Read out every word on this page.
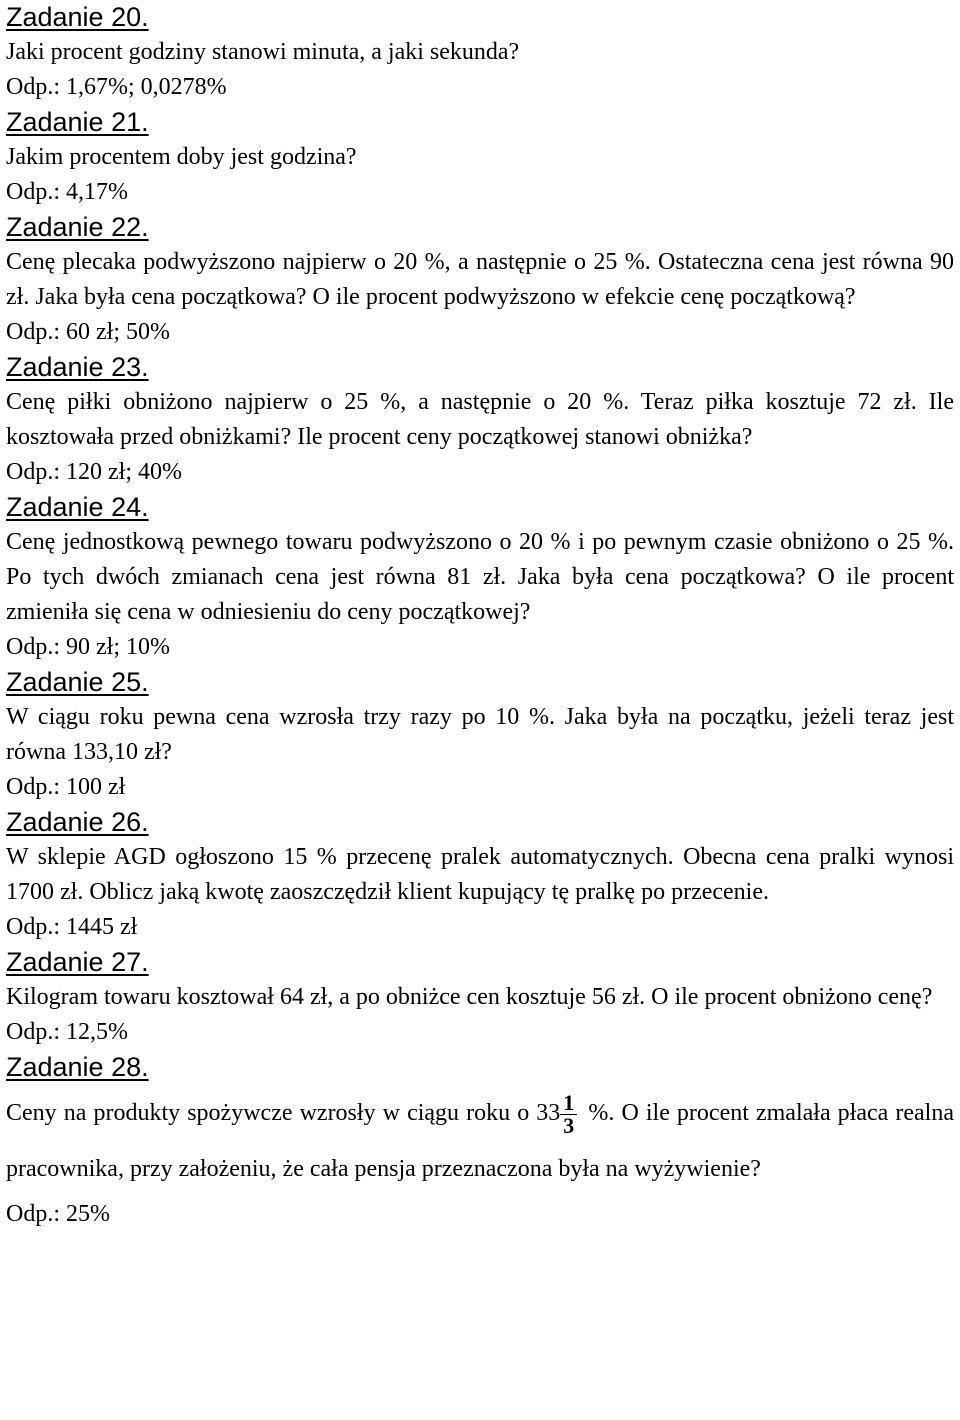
Zadanie 20.
Jaki procent godziny stanowi minuta, a jaki sekunda?
Odp.: 1,67%; 0,0278%
Zadanie 21.
Jakim procentem doby jest godzina?
Odp.: 4,17%
Zadanie 22.
Cenę plecaka podwyższono najpierw o 20 %, a następnie o 25 %. Ostateczna cena jest równa 90 zł. Jaka była cena początkowa? O ile procent podwyższono w efekcie cenę początkową?
Odp.: 60 zł; 50%
Zadanie 23.
Cenę piłki obniżono najpierw o 25 %, a następnie o 20 %. Teraz piłka kosztuje 72 zł. Ile kosztowała przed obniżkami? Ile procent ceny początkowej stanowi obniżka?
Odp.: 120 zł; 40%
Zadanie 24.
Cenę jednostkową pewnego towaru podwyższono o 20 % i po pewnym czasie obniżono o 25 %. Po tych dwóch zmianach cena jest równa 81 zł. Jaka była cena początkowa? O ile procent zmieniła się cena w odniesieniu do ceny początkowej?
Odp.: 90 zł; 10%
Zadanie 25.
W ciągu roku pewna cena wzrosła trzy razy po 10 %. Jaka była na początku, jeżeli teraz jest równa 133,10 zł?
Odp.: 100 zł
Zadanie 26.
W sklepie AGD ogłoszono 15 % przecenę pralek automatycznych. Obecna cena pralki wynosi 1700 zł. Oblicz jaką kwotę zaoszczędził klient kupujący tę pralkę po przecenie.
Odp.: 1445 zł
Zadanie 27.
Kilogram towaru kosztował 64 zł, a po obniżce cen kosztuje 56 zł. O ile procent obniżono cenę?
Odp.: 12,5%
Zadanie 28.
Ceny na produkty spożywcze wzrosły w ciągu roku o $33 \frac{1}{3}$ %. O ile procent zmalała płaca realna pracownika, przy założeniu, że cała pensja przeznaczona była na wyżywienie?
Odp.: 25%
